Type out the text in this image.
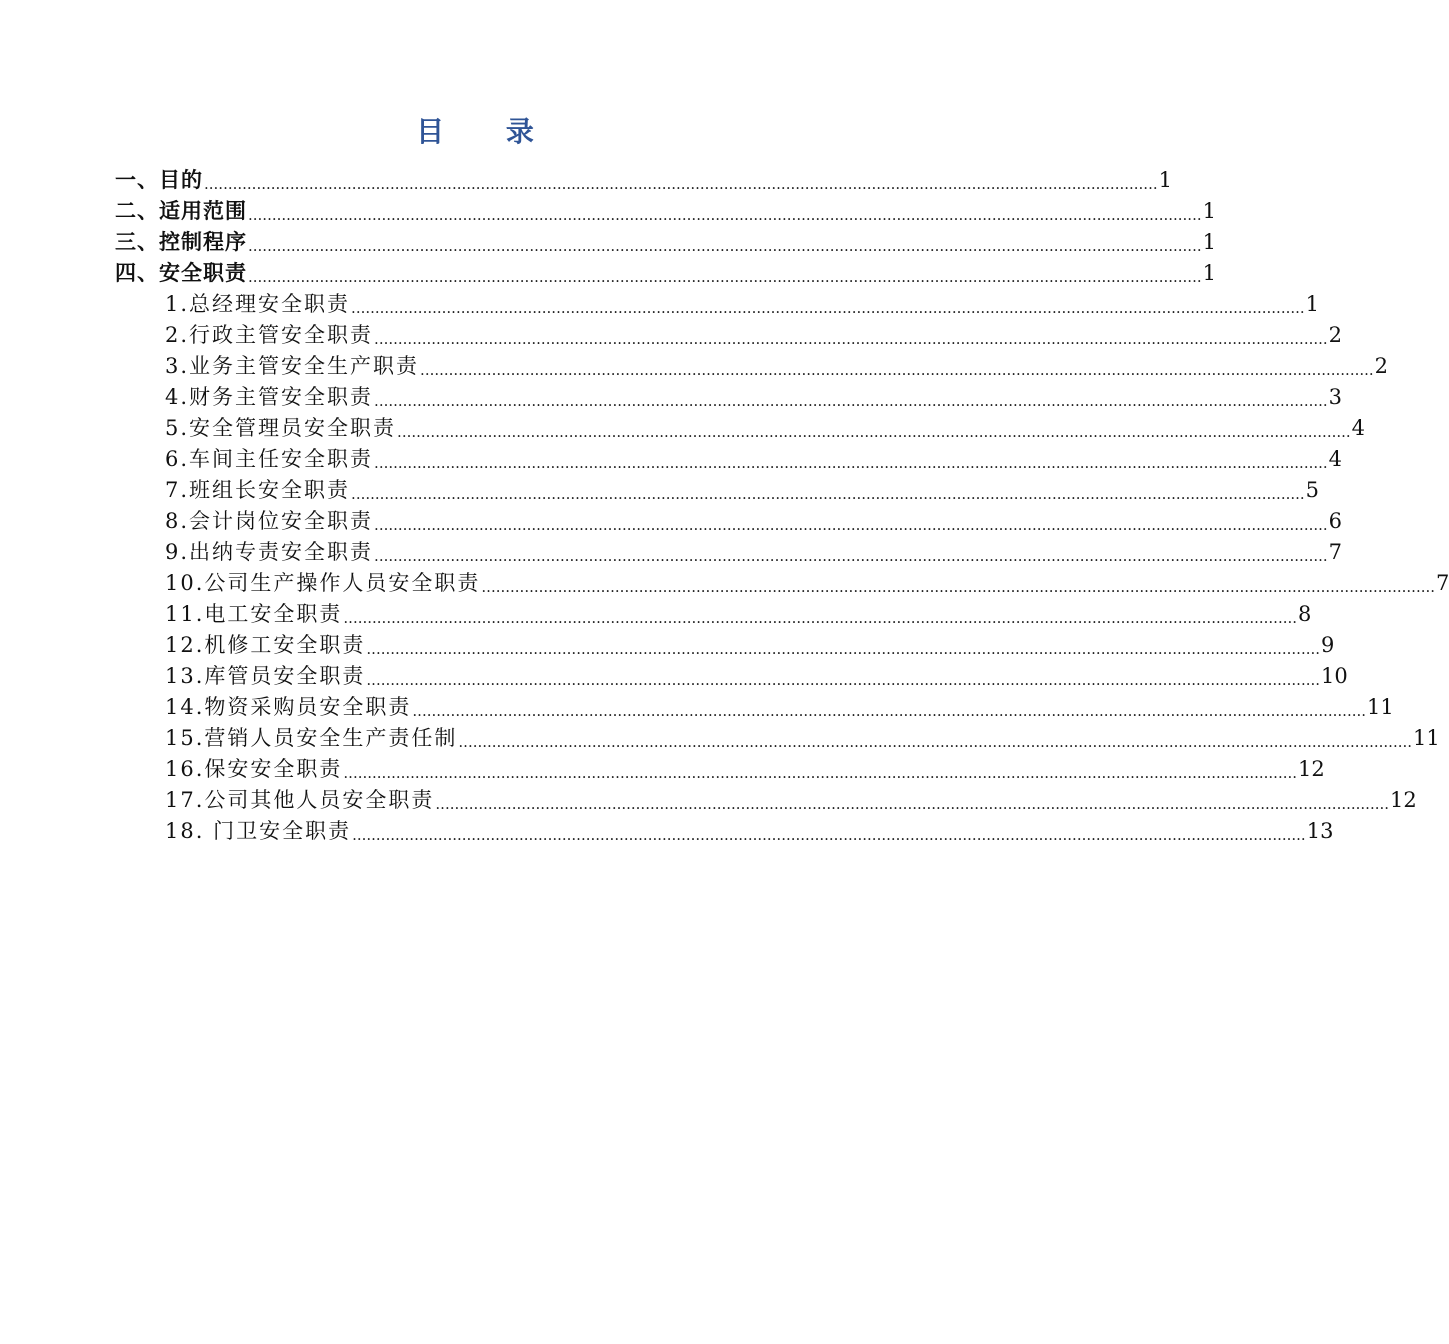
目 录
一、目的 ........................................................................................................................................................................................................ 1
二、适用范围 ........................................................................................................................................................................................................ 1
三、控制程序 ........................................................................................................................................................................................................ 1
四、安全职责 ........................................................................................................................................................................................................ 1
1.总经理安全职责 ........................................................................................................................................................................................................ 1
2.行政主管安全职责 ........................................................................................................................................................................................................ 2
3.业务主管安全生产职责 ........................................................................................................................................................................................................ 2
4.财务主管安全职责 ........................................................................................................................................................................................................ 3
5.安全管理员安全职责 ........................................................................................................................................................................................................ 4
6.车间主任安全职责 ........................................................................................................................................................................................................ 4
7.班组长安全职责 ........................................................................................................................................................................................................ 5
8.会计岗位安全职责 ........................................................................................................................................................................................................ 6
9.出纳专责安全职责 ........................................................................................................................................................................................................ 7
10.公司生产操作人员安全职责 ........................................................................................................................................................................................................ 7
11.电工安全职责 ........................................................................................................................................................................................................ 8
12.机修工安全职责 ........................................................................................................................................................................................................ 9
13.库管员安全职责 ........................................................................................................................................................................................................ 10
14.物资采购员安全职责 ........................................................................................................................................................................................................ 11
15.营销人员安全生产责任制 ........................................................................................................................................................................................................ 11
16.保安安全职责 ........................................................................................................................................................................................................ 12
17.公司其他人员安全职责 ........................................................................................................................................................................................................ 12
18. 门卫安全职责 ........................................................................................................................................................................................................ 13
